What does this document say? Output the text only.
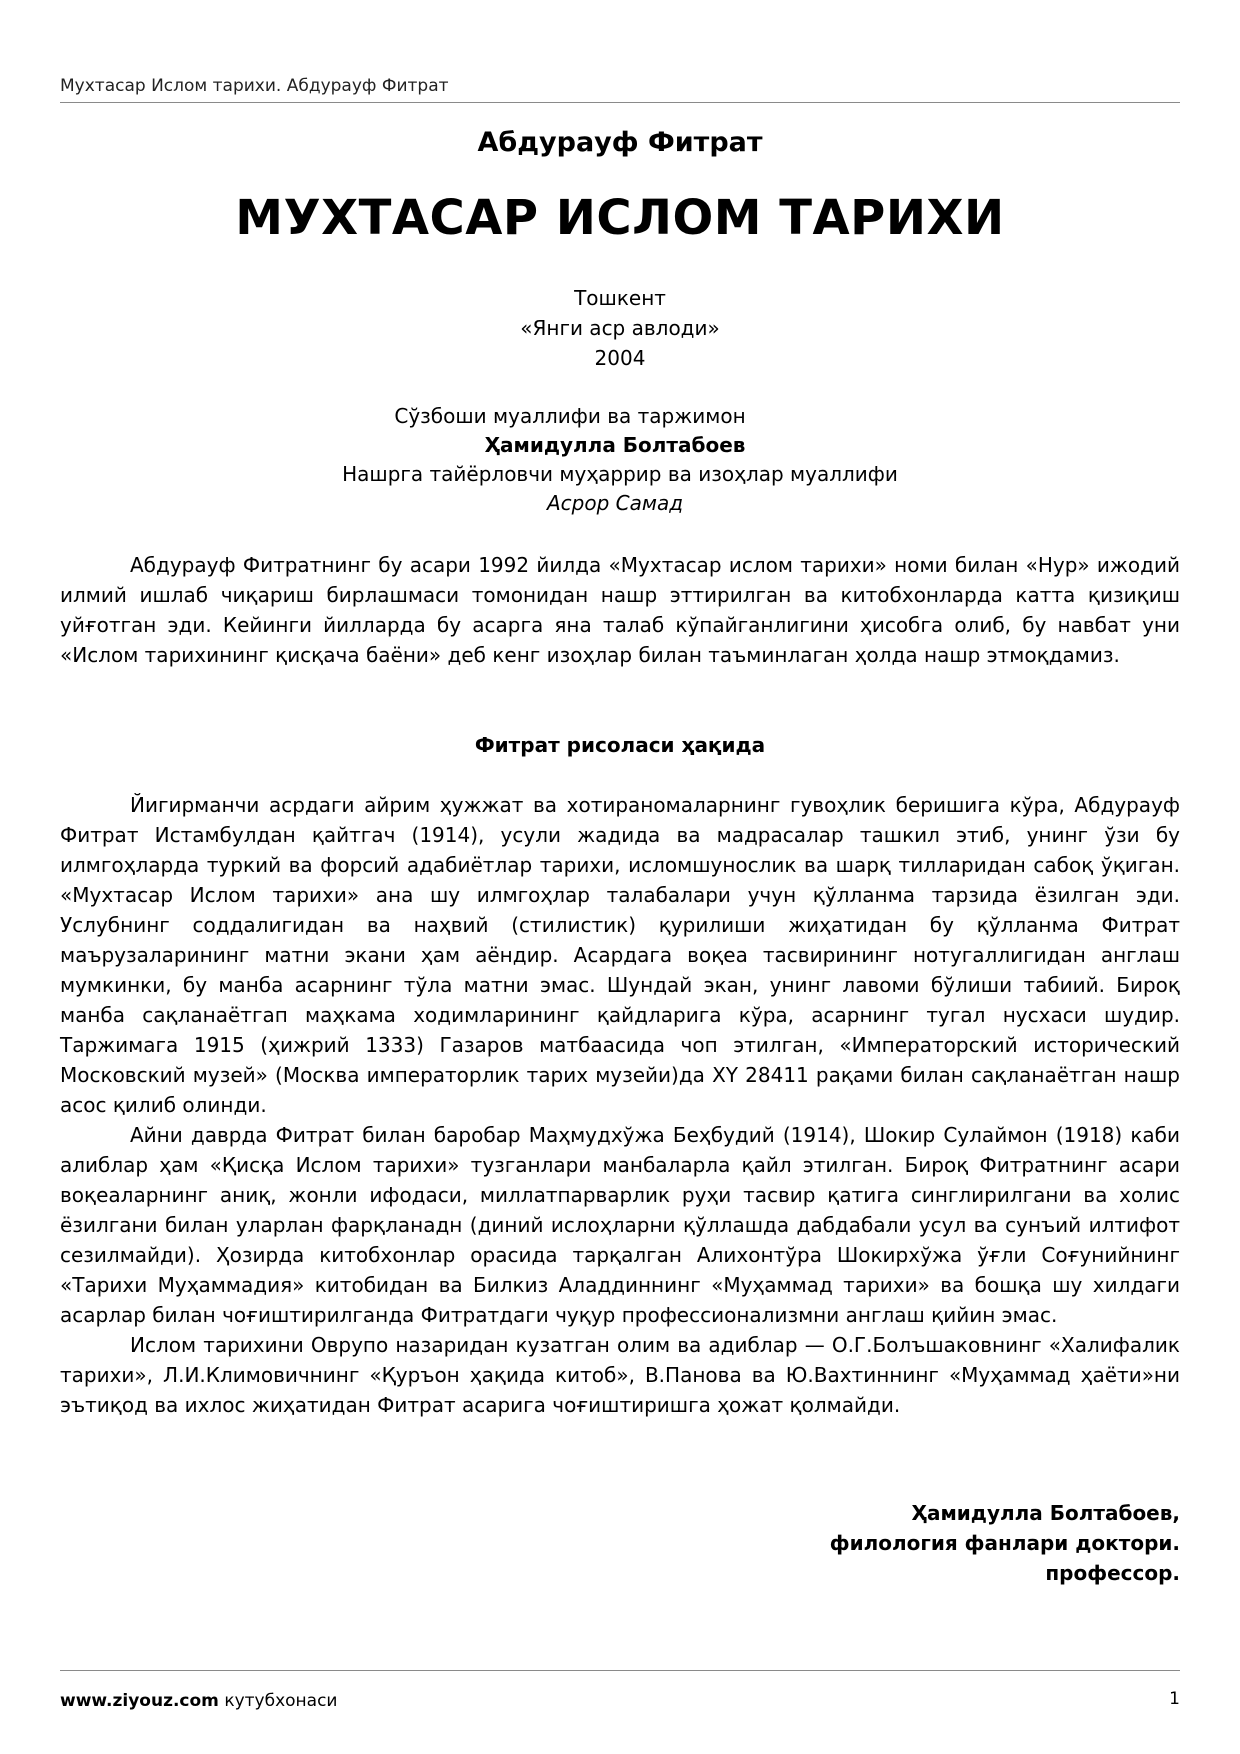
Мухтасар Ислом тарихи. Абдурауф Фитрат
Абдурауф Фитрат
МУХТАСАР ИСЛОМ ТАРИХИ
Тошкент
«Янги аср авлоди»
2004
Сўзбоши муаллифи ва таржимон
Ҳамидулла Болтабоев
Нашрга тайёрловчи муҳаррир ва изоҳлар муаллифи
Асрор Самад

Абдурауф Фитратнинг бу асари 1992 йилда «Мухтасар ислом тарихи» номи билан «Нур» ижодий илмий ишлаб чиқариш бирлашмаси томонидан нашр эттирилган ва китобхонларда катта қизиқиш уйғотган эди. Кейинги йилларда бу асарга яна талаб кўпайганлигини ҳисобга олиб, бу навбат уни «Ислом тарихининг қисқача баёни» деб кенг изоҳлар билан таъминлаган ҳолда нашр этмоқдамиз.

Фитрат рисоласи ҳақида

Йигирманчи асрдаги айрим ҳужжат ва хотираномаларнинг гувоҳлик беришига кўра, Абдурауф Фитрат Истамбулдан қайтгач (1914), усули жадида ва мадрасалар ташкил этиб, унинг ўзи бу илмгоҳларда туркий ва форсий адабиётлар тарихи, исломшунослик ва шарқ тилларидан сабоқ ўқиган. «Мухтасар Ислом тарихи» ана шу илмгоҳлар талабалари учун қўлланма тарзида ёзилган эди. Услубнинг соддалигидан ва наҳвий (стилистик) қурилиши жиҳатидан бу қўлланма Фитрат маърузаларининг матни экани ҳам аёндир. Асардага воқеа тасвирининг нотугаллигидан англаш мумкинки, бу манба асарнинг тўла матни эмас. Шундай экан, унинг лавоми бўлиши табиий. Бироқ манба сақланаётгап маҳкама ходимларининг қайдларига кўра, асарнинг тугал нусхаси шудир. Таржимага 1915 (ҳижрий 1333) Газаров матбаасида чоп этилган, «Императорский исторический Московский музей» (Москва императорлик тарих музейи)да XY 28411 рақами билан сақланаётган нашр асос қилиб олинди.

Айни даврда Фитрат билан баробар Маҳмудхўжа Беҳбудий (1914), Шокир Сулаймон (1918) каби алиблар ҳам «Қисқа Ислом тарихи» тузганлари манбаларла қайл этилган. Бироқ Фитратнинг асари воқеаларнинг аниқ, жонли ифодаси, миллатпарварлик руҳи тасвир қатига синглирилгани ва холис ёзилгани билан уларлан фарқланадн (диний ислоҳларни қўллашда дабдабали усул ва сунъий илтифот сезилмайди). Ҳозирда китобхонлар орасида тарқалган Алихонтўра Шокирхўжа ўғли Соғунийнинг «Тарихи Муҳаммадия» китобидан ва Билкиз Аладдиннинг «Муҳаммад тарихи» ва бошқа шу хилдаги асарлар билан чоғиштирилганда Фитратдаги чуқур профессионализмни англаш қийин эмас.

Ислом тарихини Оврупо назаридан кузатган олим ва адиблар — О.Г.Болъшаковнинг «Халифалик тарихи», Л.И.Климовичнинг «Қуръон ҳақида китоб», В.Панова ва Ю.Вахтиннинг «Муҳаммад ҳаёти»ни эътиқод ва ихлос жиҳатидан Фитрат асарига чоғиштиришга ҳожат қолмайди.

Ҳамидулла Болтабоев,
филология фанлари доктори.
профессор.
www.ziyouz.com кутубхонаси	1
